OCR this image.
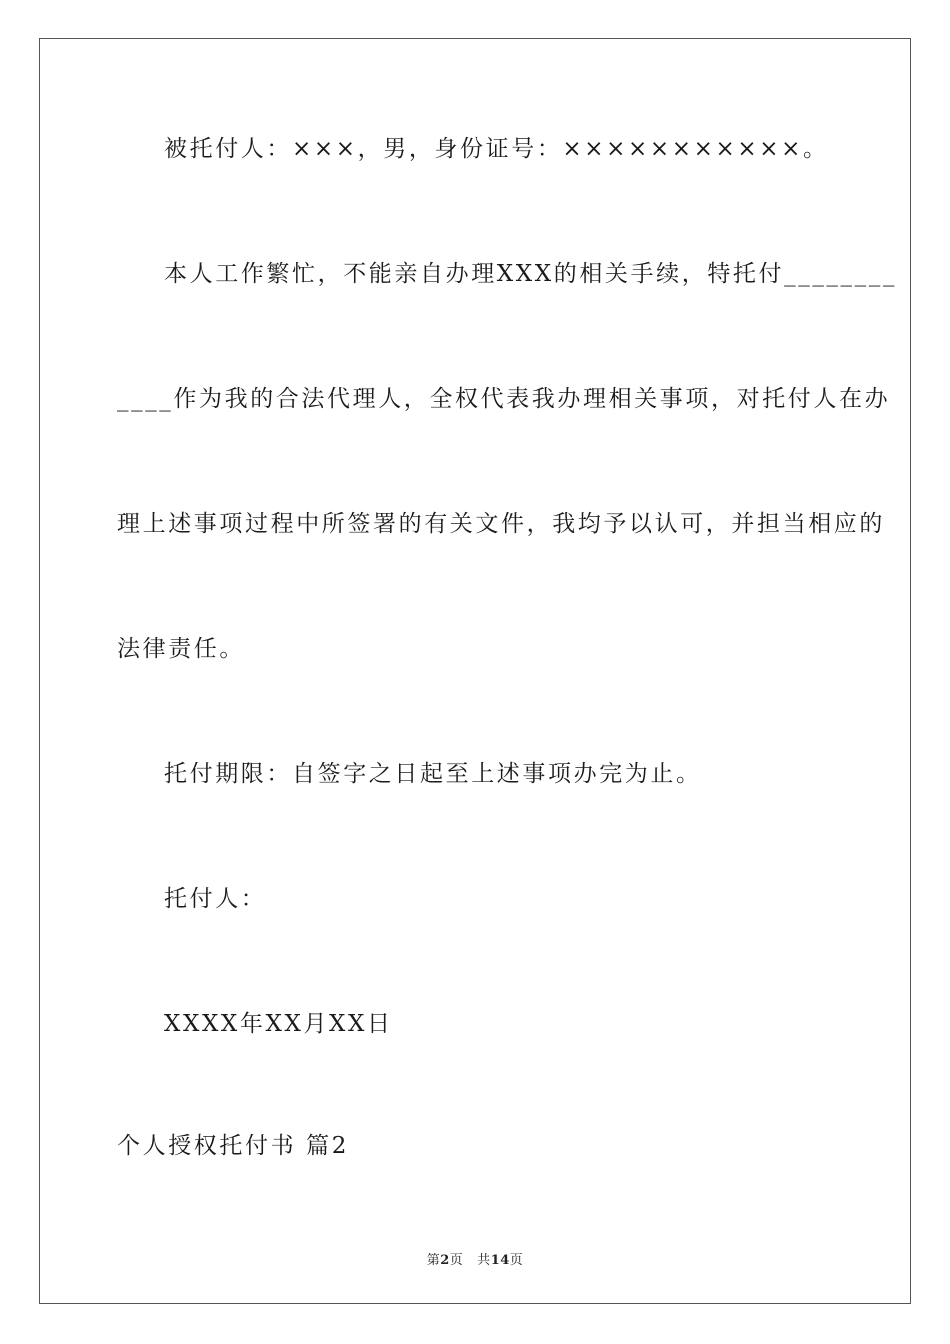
被托付人：×××，男，身份证号：×××××××××××。
本人工作繁忙，不能亲自办理XXX的相关手续，特托付________
____作为我的合法代理人，全权代表我办理相关事项，对托付人在办
理上述事项过程中所签署的有关文件，我均予以认可，并担当相应的
法律责任。
托付期限：自签字之日起至上述事项办完为止。
托付人：
XXXX年XX月XX日
个人授权托付书 篇2
第2页 共14页
